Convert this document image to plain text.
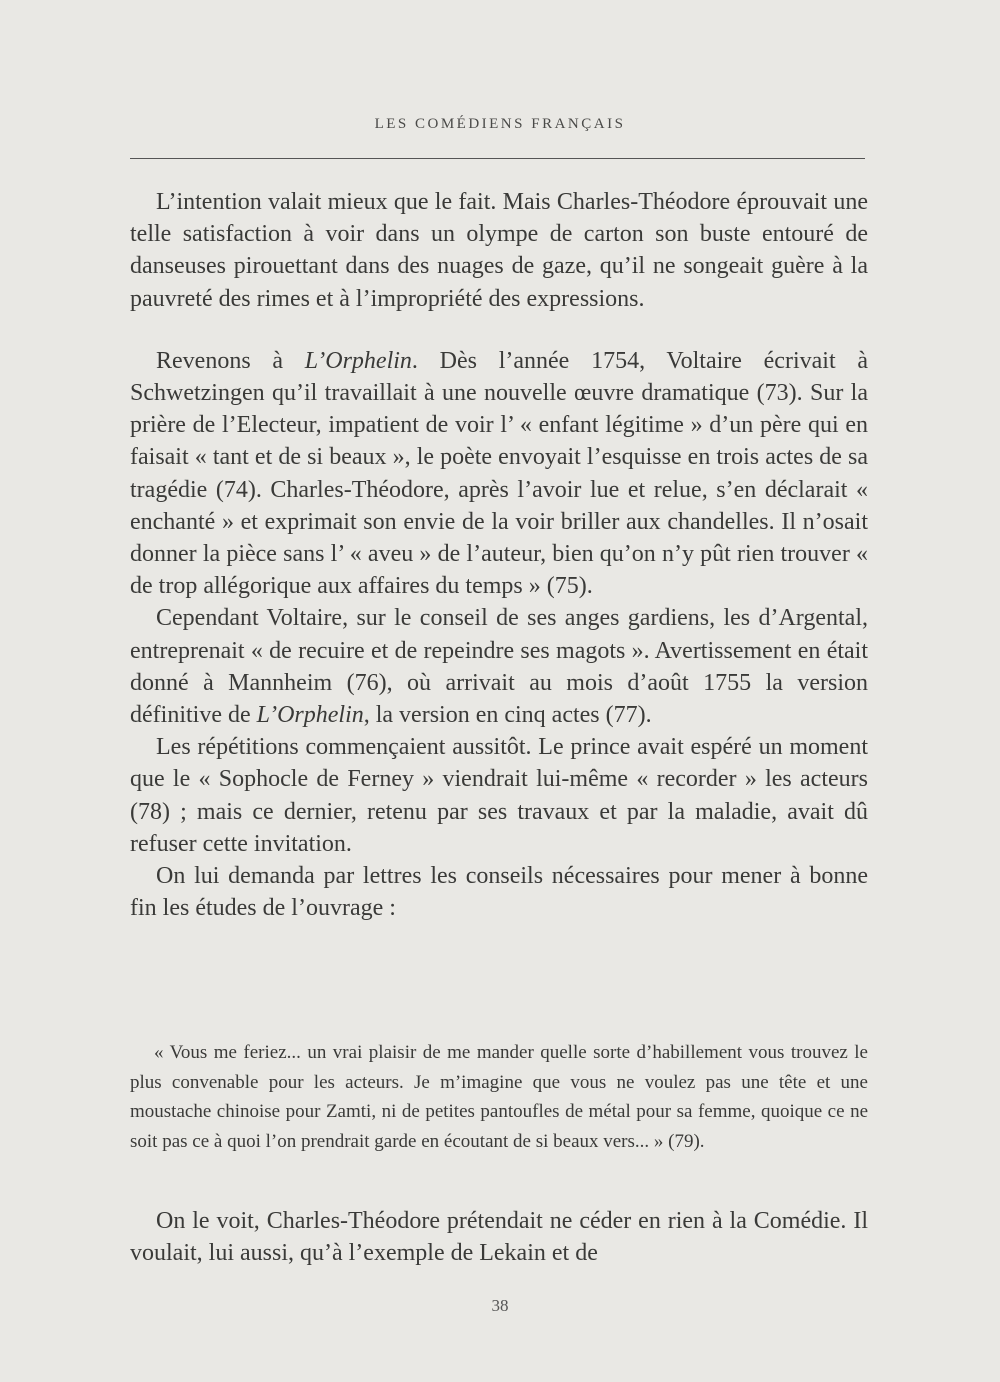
LES COMÉDIENS FRANÇAIS

L’intention valait mieux que le fait. Mais Charles-Théodore éprouvait une telle satisfaction à voir dans un olympe de carton son buste entouré de danseuses pirouettant dans des nuages de gaze, qu’il ne songeait guère à la pauvreté des rimes et à l’impropriété des expressions.

Revenons à L’Orphelin. Dès l’année 1754, Voltaire écrivait à Schwetzingen qu’il travaillait à une nouvelle œuvre dramatique (73). Sur la prière de l’Electeur, impatient de voir l’ « enfant légitime » d’un père qui en faisait « tant et de si beaux », le poète envoyait l’esquisse en trois actes de sa tragédie (74). Charles-Théodore, après l’avoir lue et relue, s’en déclarait « enchanté » et exprimait son envie de la voir briller aux chandelles. Il n’osait donner la pièce sans l’ « aveu » de l’auteur, bien qu’on n’y pût rien trouver « de trop allégorique aux affaires du temps » (75).

Cependant Voltaire, sur le conseil de ses anges gardiens, les d’Argental, entreprenait « de recuire et de repeindre ses magots ». Avertissement en était donné à Mannheim (76), où arrivait au mois d’août 1755 la version définitive de L’Orphelin, la version en cinq actes (77).

Les répétitions commençaient aussitôt. Le prince avait espéré un moment que le « Sophocle de Ferney » viendrait lui-même « recorder » les acteurs (78) ; mais ce dernier, retenu par ses travaux et par la maladie, avait dû refuser cette invitation.

On lui demanda par lettres les conseils nécessaires pour mener à bonne fin les études de l’ouvrage :

« Vous me feriez... un vrai plaisir de me mander quelle sorte d’habillement vous trouvez le plus convenable pour les acteurs. Je m’imagine que vous ne voulez pas une tête et une moustache chinoise pour Zamti, ni de petites pantoufles de métal pour sa femme, quoique ce ne soit pas ce à quoi l’on prendrait garde en écoutant de si beaux vers... » (79).

On le voit, Charles-Théodore prétendait ne céder en rien à la Comédie. Il voulait, lui aussi, qu’à l’exemple de Lekain et de

38
